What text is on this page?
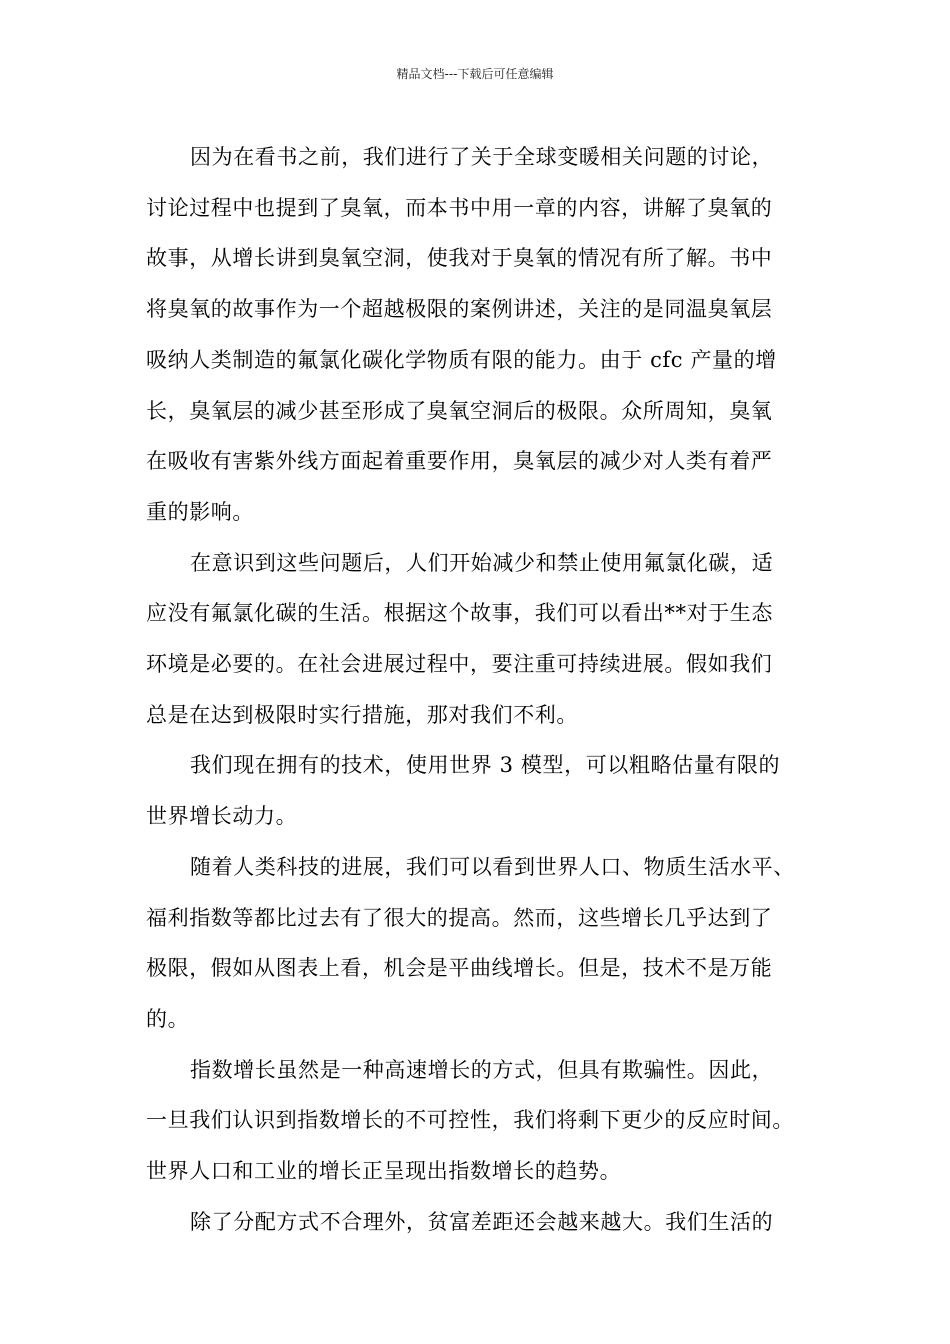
精品文档---下载后可任意编辑

因为在看书之前，我们进行了关于全球变暖相关问题的讨论，
讨论过程中也提到了臭氧，而本书中用一章的内容，讲解了臭氧的
故事，从增长讲到臭氧空洞，使我对于臭氧的情况有所了解。书中
将臭氧的故事作为一个超越极限的案例讲述，关注的是同温臭氧层
吸纳人类制造的氟氯化碳化学物质有限的能力。由于 cfc 产量的增
长，臭氧层的减少甚至形成了臭氧空洞后的极限。众所周知，臭氧
在吸收有害紫外线方面起着重要作用，臭氧层的减少对人类有着严
重的影响。

在意识到这些问题后，人们开始减少和禁止使用氟氯化碳，适
应没有氟氯化碳的生活。根据这个故事，我们可以看出**对于生态
环境是必要的。在社会进展过程中，要注重可持续进展。假如我们
总是在达到极限时实行措施，那对我们不利。

我们现在拥有的技术，使用世界 3 模型，可以粗略估量有限的
世界增长动力。

随着人类科技的进展，我们可以看到世界人口、物质生活水平、
福利指数等都比过去有了很大的提高。然而，这些增长几乎达到了
极限，假如从图表上看，机会是平曲线增长。但是，技术不是万能
的。

指数增长虽然是一种高速增长的方式，但具有欺骗性。因此，
一旦我们认识到指数增长的不可控性，我们将剩下更少的反应时间。
世界人口和工业的增长正呈现出指数增长的趋势。

除了分配方式不合理外，贫富差距还会越来越大。我们生活的
